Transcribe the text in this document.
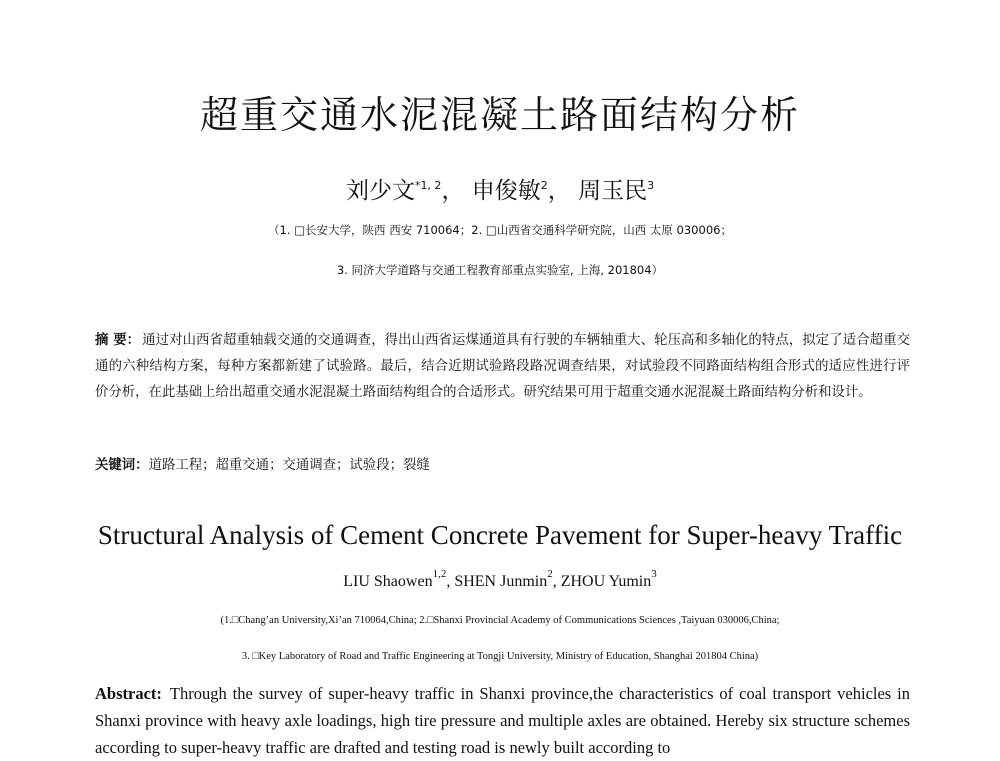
超重交通水泥混凝土路面结构分析
刘少文$^{*1, 2}$， 申俊敏$^2$， 周玉民$^3$
（1. □长安大学，陕西 西安 710064；2. □山西省交通科学研究院，山西 太原 030006；
3. 同济大学道路与交通工程教育部重点实验室, 上海, 201804）
摘 要： 通过对山西省超重轴载交通的交通调查，得出山西省运煤通道具有行驶的车辆轴重大、轮压高和多轴化的特点，拟定了适合超重交通的六种结构方案，每种方案都新建了试验路。最后，结合近期试验路段路况调查结果，对试验段不同路面结构组合形式的适应性进行评价分析，在此基础上给出超重交通水泥混凝土路面结构组合的合适形式。研究结果可用于超重交通水泥混凝土路面结构分析和设计。
关键词：道路工程；超重交通；交通调查；试验段；裂缝
Structural Analysis of Cement Concrete Pavement for Super-heavy Traffic
LIU Shaowen$^{1,2}$, SHEN Junmin$^2$, ZHOU Yumin$^3$
(1.□Chang’an University,Xi’an 710064,China; 2.□Shanxi Provincial Academy of Communications Sciences ,Taiyuan 030006,China;
3. □Key Laboratory of Road and Traffic Engineering at Tongji University, Ministry of Education, Shanghai 201804 China)
Abstract: Through the survey of super-heavy traffic in Shanxi province,the characteristics of coal transport vehicles in Shanxi province with heavy axle loadings, high tire pressure and multiple axles are obtained. Hereby six structure schemes according to super-heavy traffic are drafted and testing road is newly built according to
